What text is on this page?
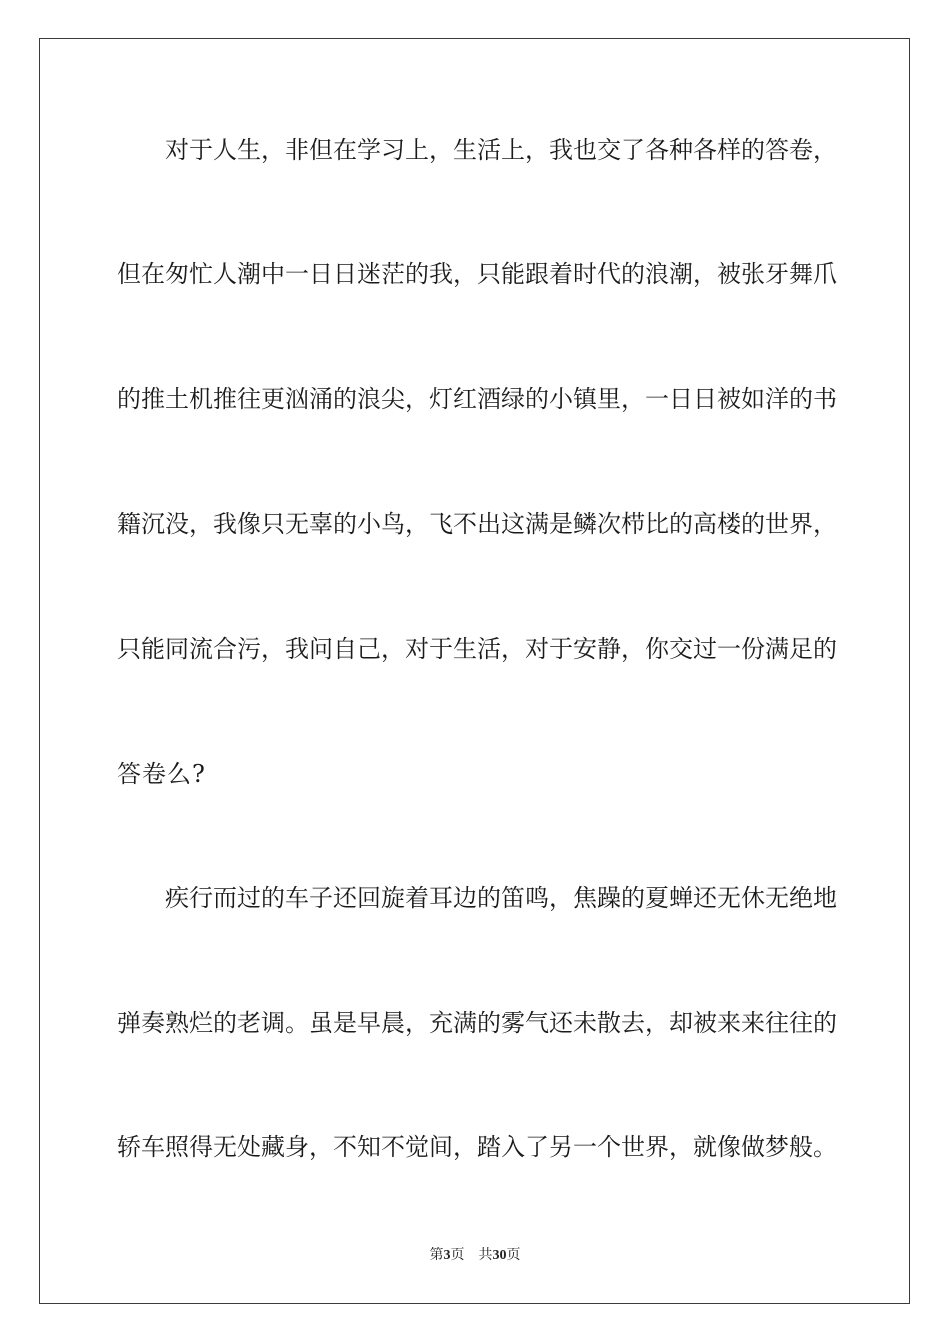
对于人生，非但在学习上，生活上，我也交了各种各样的答卷，
但在匆忙人潮中一日日迷茫的我，只能跟着时代的浪潮，被张牙舞爪
的推土机推往更汹涌的浪尖，灯红酒绿的小镇里，一日日被如洋的书
籍沉没，我像只无辜的小鸟，飞不出这满是鳞次栉比的高楼的世界，
只能同流合污，我问自己，对于生活，对于安静，你交过一份满足的
答卷么?
疾行而过的车子还回旋着耳边的笛鸣，焦躁的夏蝉还无休无绝地
弹奏熟烂的老调。虽是早晨，充满的雾气还未散去，却被来来往往的
轿车照得无处藏身，不知不觉间，踏入了另一个世界，就像做梦般。
第3页 共30页
